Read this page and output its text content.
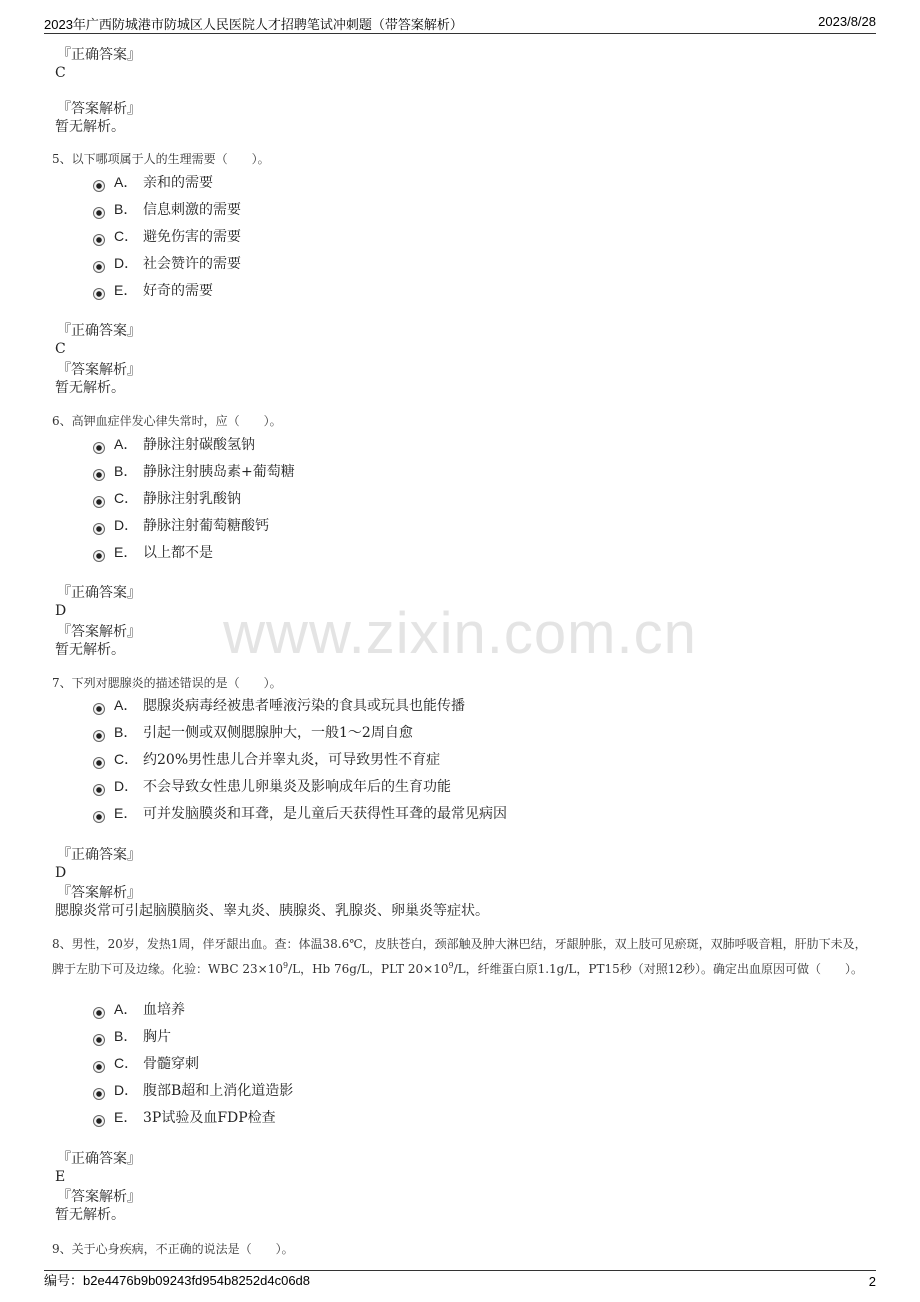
2023年广西防城港市防城区人民医院人才招聘笔试冲刺题（带答案解析）	2023/8/28
www.zixin.com.cn
『正确答案』
C
『答案解析』
暂无解析。
5、以下哪项属于人的生理需要（　　）。
A． 亲和的需要
B． 信息刺激的需要
C． 避免伤害的需要
D． 社会赞许的需要
E． 好奇的需要
『正确答案』
C
『答案解析』
暂无解析。
6、高钾血症伴发心律失常时，应（　　）。
A． 静脉注射碳酸氢钠
B． 静脉注射胰岛素+葡萄糖
C． 静脉注射乳酸钠
D． 静脉注射葡萄糖酸钙
E． 以上都不是
『正确答案』
D
『答案解析』
暂无解析。
7、下列对腮腺炎的描述错误的是（　　）。
A． 腮腺炎病毒经被患者唾液污染的食具或玩具也能传播
B． 引起一侧或双侧腮腺肿大，一般1～2周自愈
C． 约20%男性患儿合并睾丸炎，可导致男性不育症
D． 不会导致女性患儿卵巢炎及影响成年后的生育功能
E． 可并发脑膜炎和耳聋，是儿童后天获得性耳聋的最常见病因
『正确答案』
D
『答案解析』
腮腺炎常可引起脑膜脑炎、睾丸炎、胰腺炎、乳腺炎、卵巢炎等症状。
8、男性，20岁，发热1周，伴牙龈出血。查：体温38.6℃，皮肤苍白，颈部触及肿大淋巴结，牙龈肿胀，双上肢可见瘀斑，双肺呼吸音粗，肝肋下未及，脾于左肋下可及边缘。化验：WBC $23\times 10^9/L$，Hb 76g/L，PLT $20\times 10^9/L$，纤维蛋白原1.1g/L，PT15秒（对照12秒）。确定出血原因可做（　　）。
A． 血培养
B． 胸片
C． 骨髓穿刺
D． 腹部B超和上消化道造影
E． 3P试验及血FDP检查
『正确答案』
E
『答案解析』
暂无解析。
9、关于心身疾病，不正确的说法是（　　）。
编号：b2e4476b9b09243fd954b8252d4c06d8	2
